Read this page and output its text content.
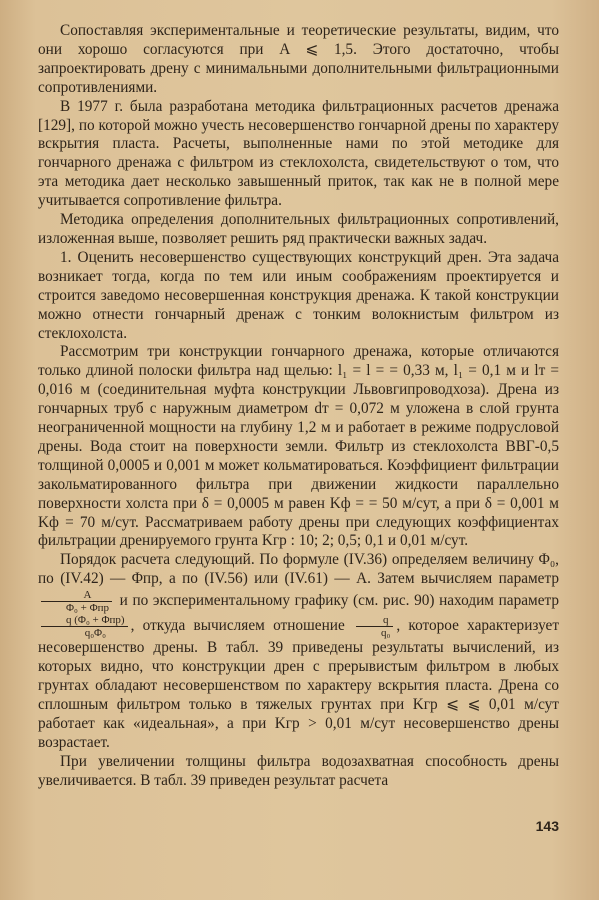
Сопоставляя экспериментальные и теоретические результаты, видим, что они хорошо согласуются при A ⩽ 1,5. Этого достаточно, чтобы запроектировать дрену с минимальными дополнительными фильтрационными сопротивлениями.

В 1977 г. была разработана методика фильтрационных расчетов дренажа [129], по которой можно учесть несовершенство гончарной дрены по характеру вскрытия пласта. Расчеты, выполненные нами по этой методике для гончарного дренажа с фильтром из стеклохолста, свидетельствуют о том, что эта методика дает несколько завышенный приток, так как не в полной мере учитывается сопротивление фильтра.

Методика определения дополнительных фильтрационных сопротивлений, изложенная выше, позволяет решить ряд практически важных задач.

1. Оценить несовершенство существующих конструкций дрен. Эта задача возникает тогда, когда по тем или иным соображениям проектируется и строится заведомо несовершенная конструкция дренажа. К такой конструкции можно отнести гончарный дренаж с тонким волокнистым фильтром из стеклохолста.

Рассмотрим три конструкции гончарного дренажа, которые отличаются только длиной полоски фильтра над щелью: l₁ = l = = 0,33 м, l₁ = 0,1 м и lт = 0,016 м (соединительная муфта конструкции Львовгипроводхоза). Дрена из гончарных труб с наружным диаметром dт = 0,072 м уложена в слой грунта неограниченной мощности на глубину 1,2 м и работает в режиме подрусловой дрены. Вода стоит на поверхности земли. Фильтр из стеклохолста ВВГ-0,5 толщиной 0,0005 и 0,001 м может кольматироваться. Коэффициент фильтрации закольматированного фильтра при движении жидкости параллельно поверхности холста при δ = 0,0005 м равен Kф = = 50 м/сут, а при δ = 0,001 м Kф = 70 м/сут. Рассматриваем работу дрены при следующих коэффициентах фильтрации дренируемого грунта Kгр : 10; 2; 0,5; 0,1 и 0,01 м/сут.

Порядок расчета следующий. По формуле (IV.36) определяем величину Φ₀, по (IV.42) — Φпр, а по (IV.56) или (IV.61) — A. Затем вычисляем параметр
$\frac{A}{\text{Φ₀ + Φпр}}$ и по экспериментальному графику (см. рис. 90) находим параметр
$\frac{\text{q (Φ₀ + Φпр)}}{\text{q₀Φ₀}}$ , откуда вычисляем отношение $\frac{q}{\text{q₀}}$ , которое характеризует несовершенство дрены. В табл. 39 приведены результаты вычислений, из которых видно, что конструкции дрен с прерывистым фильтром в любых грунтах обладают несовершенством по характеру вскрытия пласта. Дрена со сплошным фильтром только в тяжелых грунтах при Kгр ⩽ ⩽ 0,01 м/сут работает как «идеальная», а при Kгр > 0,01 м/сут несовершенство дрены возрастает.

При увеличении толщины фильтра водозахватная способность дрены увеличивается. В табл. 39 приведен результат расчета

143
